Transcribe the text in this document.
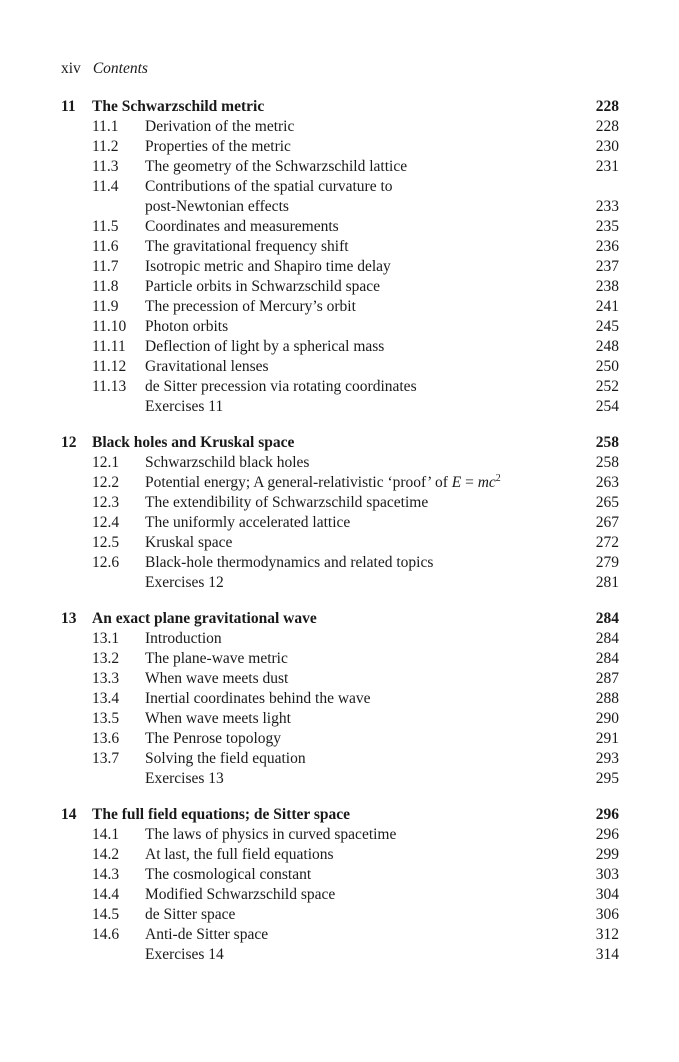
xiv Contents
11 The Schwarzschild metric	228
11.1 Derivation of the metric	228
11.2 Properties of the metric	230
11.3 The geometry of the Schwarzschild lattice	231
11.4 Contributions of the spatial curvature to
post-Newtonian effects	233
11.5 Coordinates and measurements	235
11.6 The gravitational frequency shift	236
11.7 Isotropic metric and Shapiro time delay	237
11.8 Particle orbits in Schwarzschild space	238
11.9 The precession of Mercury’s orbit	241
11.10 Photon orbits	245
11.11 Deflection of light by a spherical mass	248
11.12 Gravitational lenses	250
11.13 de Sitter precession via rotating coordinates	252
Exercises 11	254
12 Black holes and Kruskal space	258
12.1 Schwarzschild black holes	258
12.2 Potential energy; A general-relativistic ‘proof’ of $E = mc^2$	263
12.3 The extendibility of Schwarzschild spacetime	265
12.4 The uniformly accelerated lattice	267
12.5 Kruskal space	272
12.6 Black-hole thermodynamics and related topics	279
Exercises 12	281
13 An exact plane gravitational wave	284
13.1 Introduction	284
13.2 The plane-wave metric	284
13.3 When wave meets dust	287
13.4 Inertial coordinates behind the wave	288
13.5 When wave meets light	290
13.6 The Penrose topology	291
13.7 Solving the field equation	293
Exercises 13	295
14 The full field equations; de Sitter space	296
14.1 The laws of physics in curved spacetime	296
14.2 At last, the full field equations	299
14.3 The cosmological constant	303
14.4 Modified Schwarzschild space	304
14.5 de Sitter space	306
14.6 Anti-de Sitter space	312
Exercises 14	314
